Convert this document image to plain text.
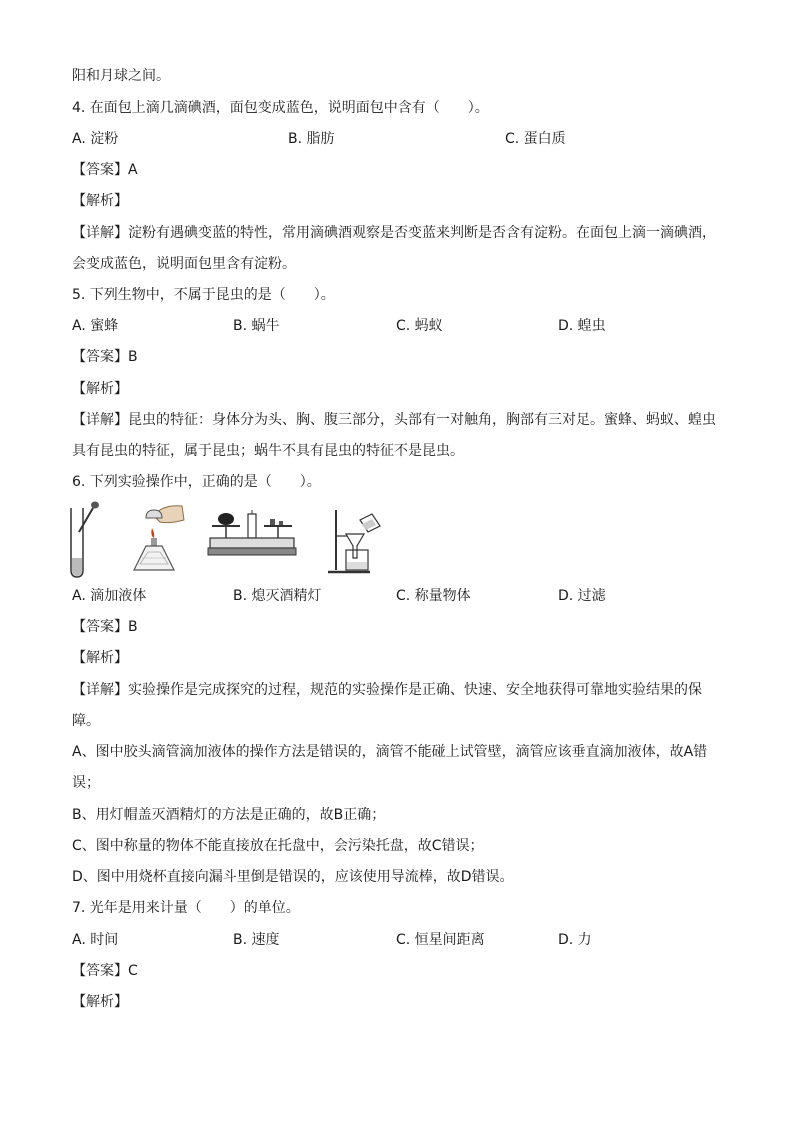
阳和月球之间。
4. 在面包上滴几滴碘酒，面包变成蓝色，说明面包中含有（　　）。
A. 淀粉	B. 脂肪	C. 蛋白质
【答案】A
【解析】
【详解】淀粉有遇碘变蓝的特性，常用滴碘酒观察是否变蓝来判断是否含有淀粉。在面包上滴一滴碘酒，
会变成蓝色，说明面包里含有淀粉。
5. 下列生物中，不属于昆虫的是（　　）。
A. 蜜蜂	B. 蜗牛	C. 蚂蚁	D. 蝗虫
【答案】B
【解析】
【详解】昆虫的特征：身体分为头、胸、腹三部分，头部有一对触角，胸部有三对足。蜜蜂、蚂蚁、蝗虫
具有昆虫的特征，属于昆虫；蜗牛不具有昆虫的特征不是昆虫。
6. 下列实验操作中，正确的是（　　）。
A. 滴加液体	B. 熄灭酒精灯	C. 称量物体	D. 过滤
【答案】B
【解析】
【详解】实验操作是完成探究的过程，规范的实验操作是正确、快速、安全地获得可靠地实验结果的保
障。
A、图中胶头滴管滴加液体的操作方法是错误的，滴管不能碰上试管壁，滴管应该垂直滴加液体，故A错
误；
B、用灯帽盖灭酒精灯的方法是正确的，故B正确；
C、图中称量的物体不能直接放在托盘中，会污染托盘，故C错误；
D、图中用烧杯直接向漏斗里倒是错误的，应该使用导流棒，故D错误。
7. 光年是用来计量（　　）的单位。
A. 时间	B. 速度	C. 恒星间距离	D. 力
【答案】C
【解析】
